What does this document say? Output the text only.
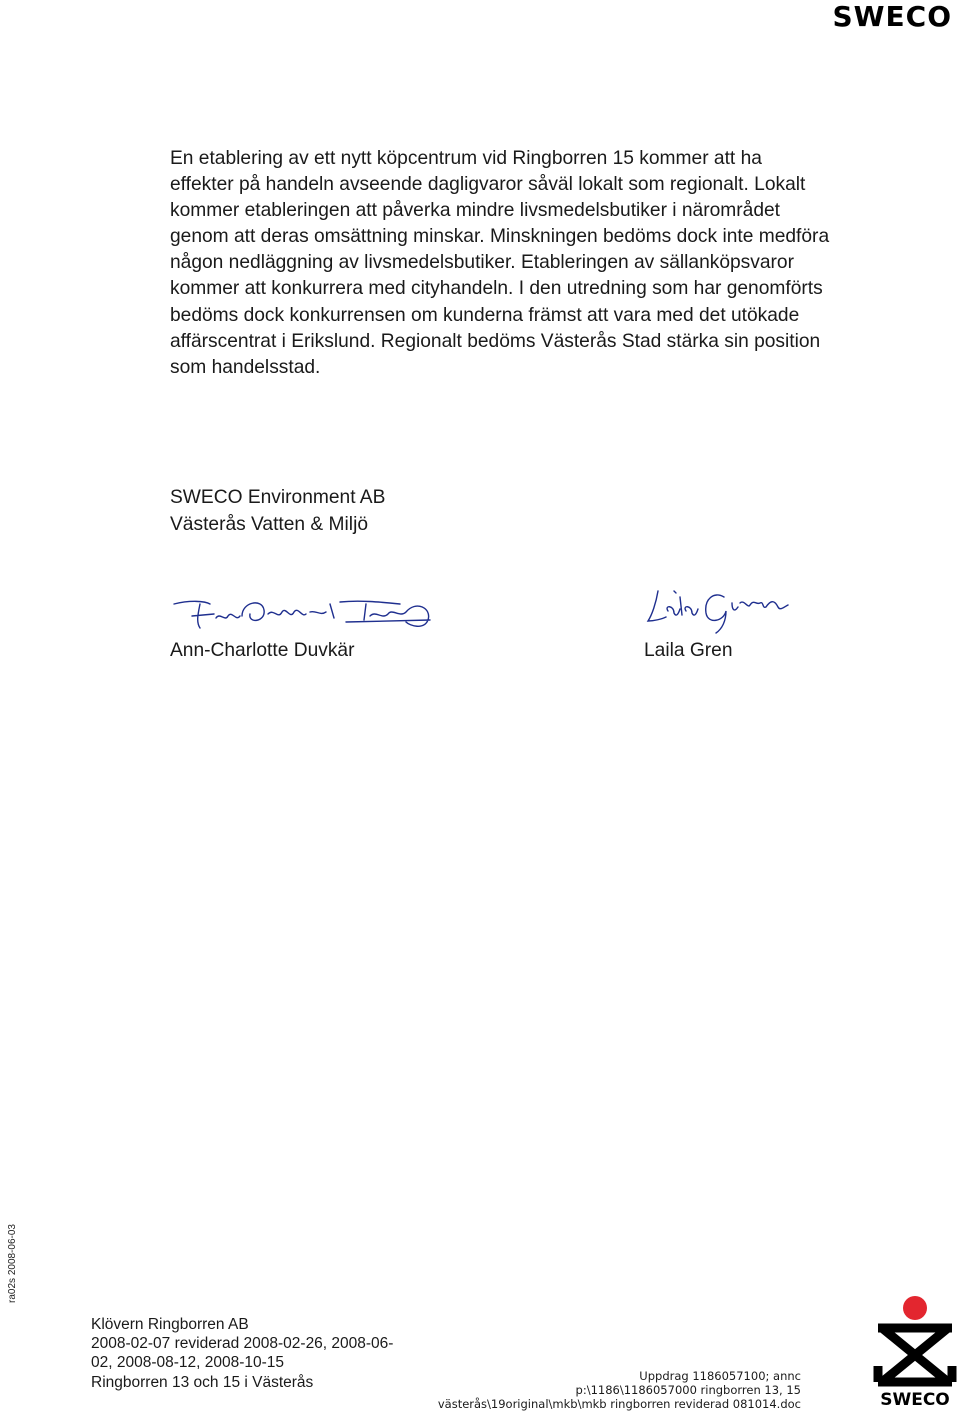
SWECO

En etablering av ett nytt köpcentrum vid Ringborren 15 kommer att ha effekter på handeln avseende dagligvaror såväl lokalt som regionalt. Lokalt kommer etableringen att påverka mindre livsmedelsbutiker i närområdet genom att deras omsättning minskar. Minskningen bedöms dock inte medföra någon nedläggning av livsmedelsbutiker. Etableringen av sällanköpsvaror kommer att konkurrera med cityhandeln. I den utredning som har genomförts bedöms dock konkurrensen om kunderna främst att vara med det utökade affärscentrat i Erikslund. Regionalt bedöms Västerås Stad stärka sin position som handelsstad.

SWECO Environment AB
Västerås Vatten & Miljö
Ann-Charlotte Duvkär	Laila Gren
ra02s 2008-06-03
Klövern Ringborren AB
2008-02-07 reviderad 2008-02-26, 2008-06-
02, 2008-08-12, 2008-10-15
Ringborren 13 och 15 i Västerås	Uppdrag 1186057100; annc
p:\1186\1186057000 ringborren 13, 15
västerås\19original\mkb\mkb ringborren reviderad 081014.doc	SWECO
